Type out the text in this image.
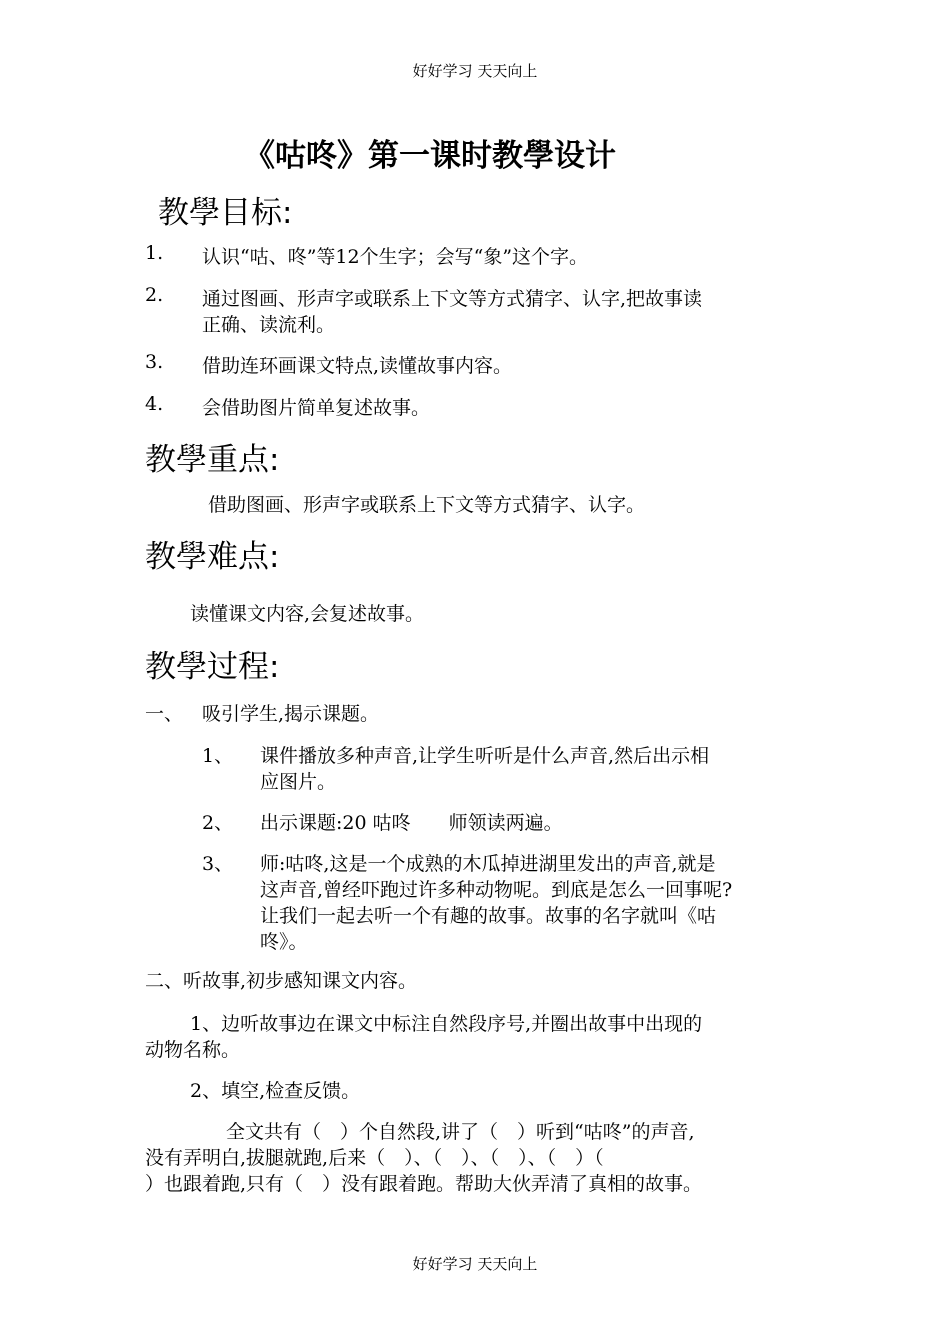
好好学习 天天向上
《咕咚》第一课时教學设计
教學目标:
1.	认识“咕、咚”等12个生字；会写“象”这个字。
2.	通过图画、形声字或联系上下文等方式猜字、认字,把故事读
正确、读流利。
3.	借助连环画课文特点,读懂故事内容。
4.	会借助图片简单复述故事。
教學重点:
借助图画、形声字或联系上下文等方式猜字、认字。
教學难点:
读懂课文内容,会复述故事。
教學过程:
一、 吸引学生,揭示课题。
1、 课件播放多种声音,让学生听听是什么声音,然后出示相
应图片。
2、 出示课题:20 咕咚　　师领读两遍。
3、 师:咕咚,这是一个成熟的木瓜掉进湖里发出的声音,就是
这声音,曾经吓跑过许多种动物呢。到底是怎么一回事呢?
让我们一起去听一个有趣的故事。故事的名字就叫《咕
咚》。
二、听故事,初步感知课文内容。
1、边听故事边在课文中标注自然段序号,并圈出故事中出现的
动物名称。
2、填空,检查反馈。
全文共有（　）个自然段,讲了（　）听到“咕咚”的声音,
没有弄明白,拔腿就跑,后来（　）、（　）、（　）、（　）（
）也跟着跑,只有（　）没有跟着跑。帮助大伙弄清了真相的故事。
好好学习 天天向上
